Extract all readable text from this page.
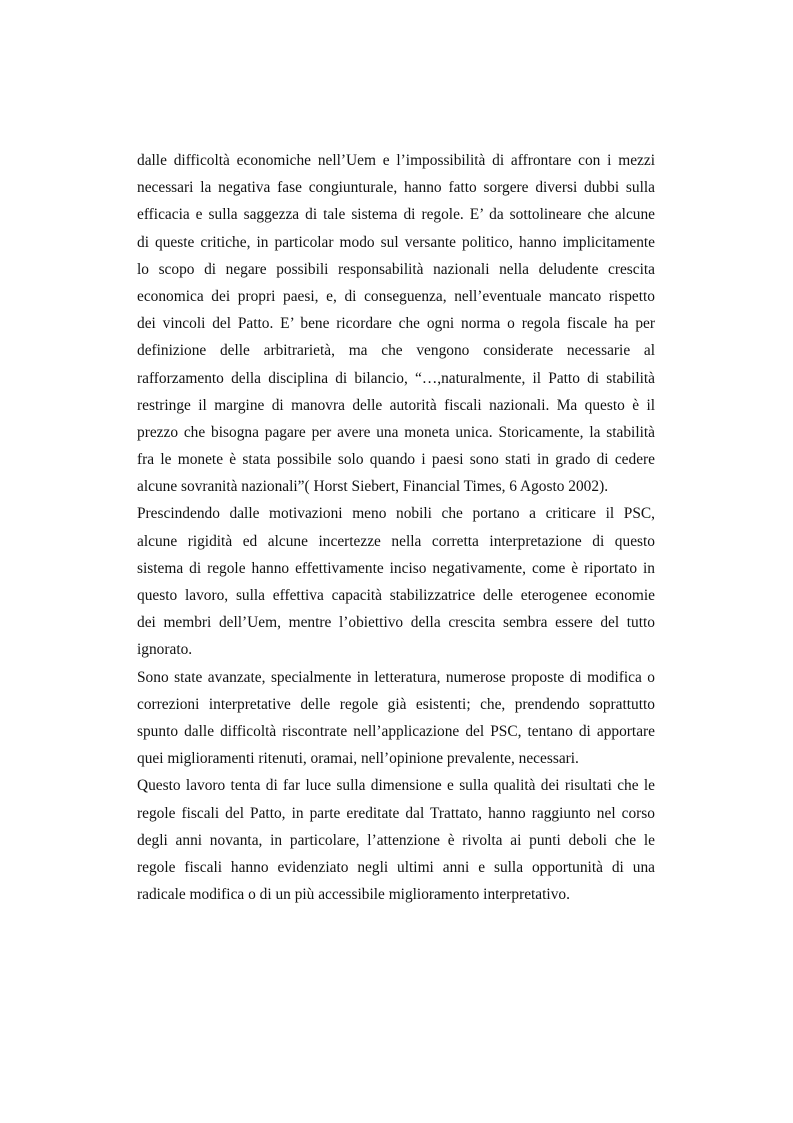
dalle difficoltà economiche nell’Uem e l’impossibilità di affrontare con i mezzi
necessari la negativa fase congiunturale, hanno fatto sorgere diversi dubbi sulla
efficacia e sulla saggezza di tale sistema di regole. E’ da sottolineare che alcune
di queste critiche, in particolar modo sul versante politico, hanno implicitamente
lo scopo di negare possibili responsabilità nazionali nella deludente crescita
economica dei propri paesi, e, di conseguenza, nell’eventuale mancato rispetto
dei vincoli del Patto. E’ bene ricordare che ogni norma o regola fiscale ha per
definizione delle arbitrarietà, ma che vengono considerate necessarie al
rafforzamento della disciplina di bilancio, “…,naturalmente, il Patto di stabilità
restringe il margine di manovra delle autorità fiscali nazionali. Ma questo è il
prezzo che bisogna pagare per avere una moneta unica. Storicamente, la stabilità
fra le monete è stata possibile solo quando i paesi sono stati in grado di cedere
alcune sovranità nazionali”( Horst Siebert, Financial Times, 6 Agosto 2002).
Prescindendo dalle motivazioni meno nobili che portano a criticare il PSC,
alcune rigidità ed alcune incertezze nella corretta interpretazione di questo
sistema di regole hanno effettivamente inciso negativamente, come è riportato in
questo lavoro, sulla effettiva capacità stabilizzatrice delle eterogenee economie
dei membri dell’Uem, mentre l’obiettivo della crescita sembra essere del tutto
ignorato.
Sono state avanzate, specialmente in letteratura, numerose proposte di modifica o
correzioni interpretative delle regole già esistenti; che, prendendo soprattutto
spunto dalle difficoltà riscontrate nell’applicazione del PSC, tentano di apportare
quei miglioramenti ritenuti, oramai, nell’opinione prevalente, necessari.
Questo lavoro tenta di far luce sulla dimensione e sulla qualità dei risultati che le
regole fiscali del Patto, in parte ereditate dal Trattato, hanno raggiunto nel corso
degli anni novanta, in particolare, l’attenzione è rivolta ai punti deboli che le
regole fiscali hanno evidenziato negli ultimi anni e sulla opportunità di una
radicale modifica o di un più accessibile miglioramento interpretativo.
